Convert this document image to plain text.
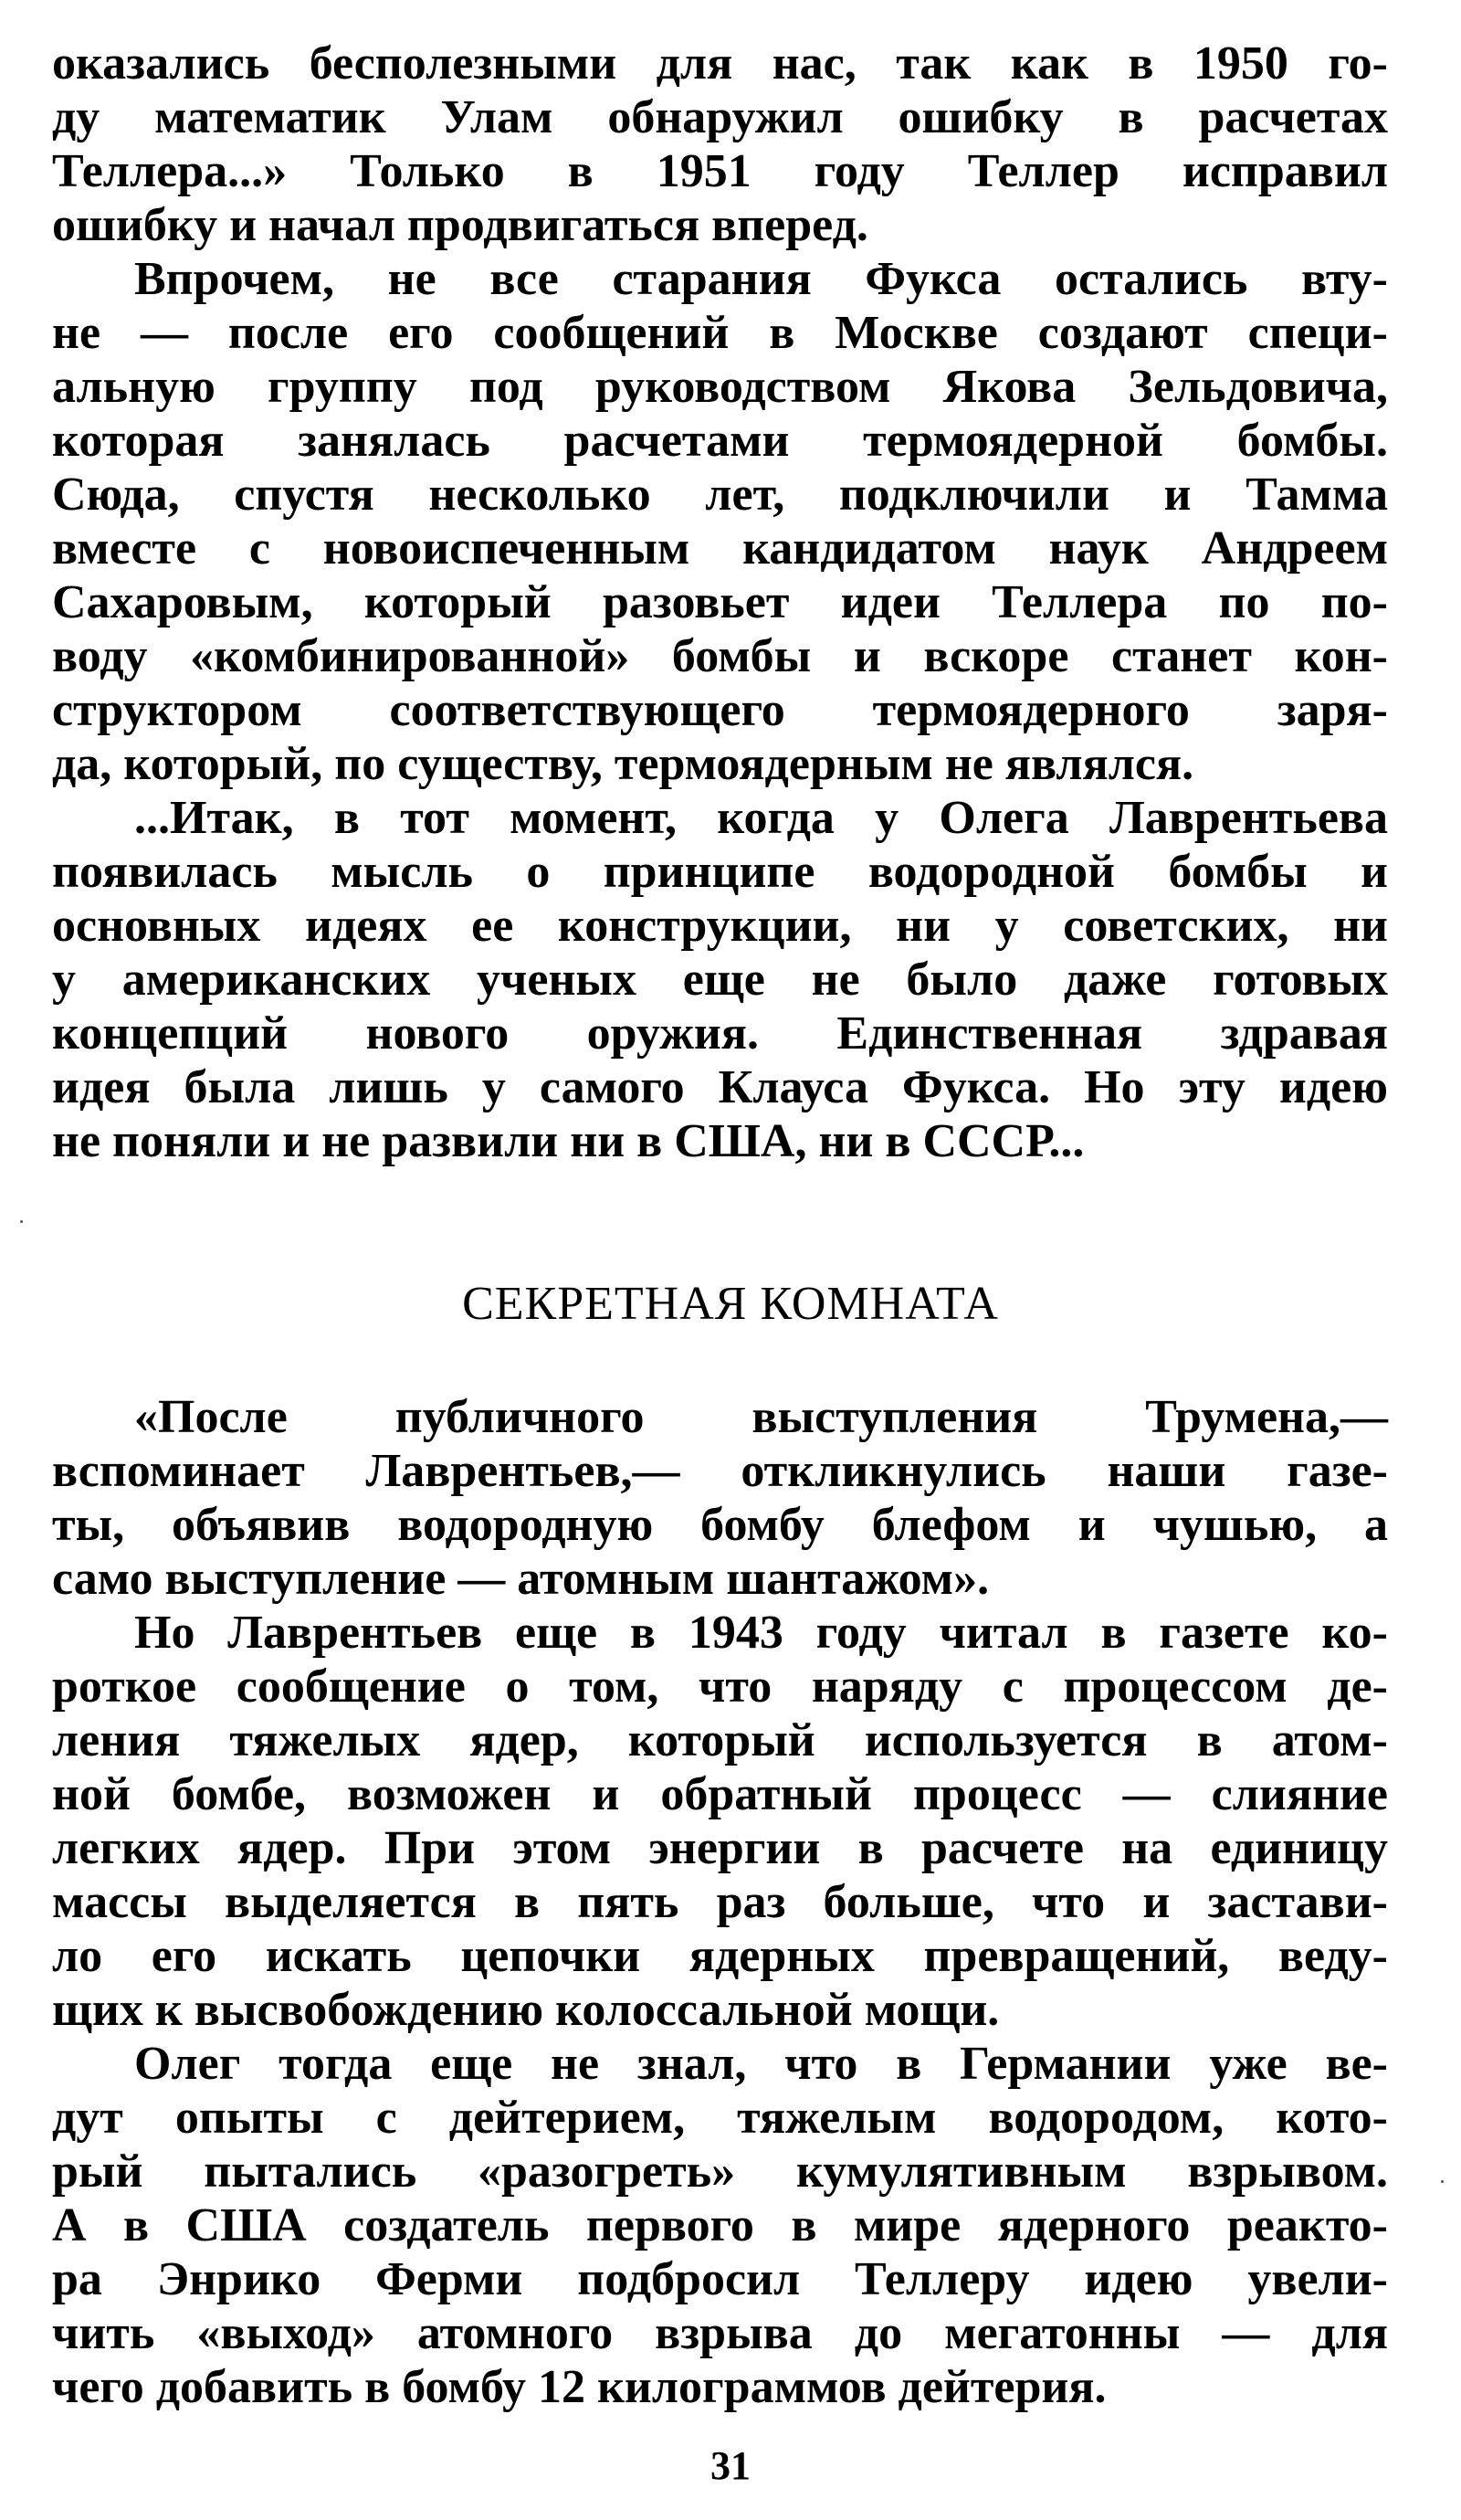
оказались бесполезными для нас, так как в 1950 го-
ду математик Улам обнаружил ошибку в расчетах
Теллера...» Только в 1951 году Теллер исправил
ошибку и начал продвигаться вперед.
Впрочем, не все старания Фукса остались вту-
не — после его сообщений в Москве создают специ-
альную группу под руководством Якова Зельдовича,
которая занялась расчетами термоядерной бомбы.
Сюда, спустя несколько лет, подключили и Тамма
вместе с новоиспеченным кандидатом наук Андреем
Сахаровым, который разовьет идеи Теллера по по-
воду «комбинированной» бомбы и вскоре станет кон-
структором соответствующего термоядерного заря-
да, который, по существу, термоядерным не являлся.
...Итак, в тот момент, когда у Олега Лаврентьева
появилась мысль о принципе водородной бомбы и
основных идеях ее конструкции, ни у советских, ни
у американских ученых еще не было даже готовых
концепций нового оружия. Единственная здравая
идея была лишь у самого Клауса Фукса. Но эту идею
не поняли и не развили ни в США, ни в СССР...
СЕКРЕТНАЯ КОМНАТА
«После публичного выступления Трумена,—
вспоминает Лаврентьев,— откликнулись наши газе-
ты, объявив водородную бомбу блефом и чушью, а
само выступление — атомным шантажом».
Но Лаврентьев еще в 1943 году читал в газете ко-
роткое сообщение о том, что наряду с процессом де-
ления тяжелых ядер, который используется в атом-
ной бомбе, возможен и обратный процесс — слияние
легких ядер. При этом энергии в расчете на единицу
массы выделяется в пять раз больше, что и застави-
ло его искать цепочки ядерных превращений, веду-
щих к высвобождению колоссальной мощи.
Олег тогда еще не знал, что в Германии уже ве-
дут опыты с дейтерием, тяжелым водородом, кото-
рый пытались «разогреть» кумулятивным взрывом.
А в США создатель первого в мире ядерного реакто-
ра Энрико Ферми подбросил Теллеру идею увели-
чить «выход» атомного взрыва до мегатонны — для
чего добавить в бомбу 12 килограммов дейтерия.
31
